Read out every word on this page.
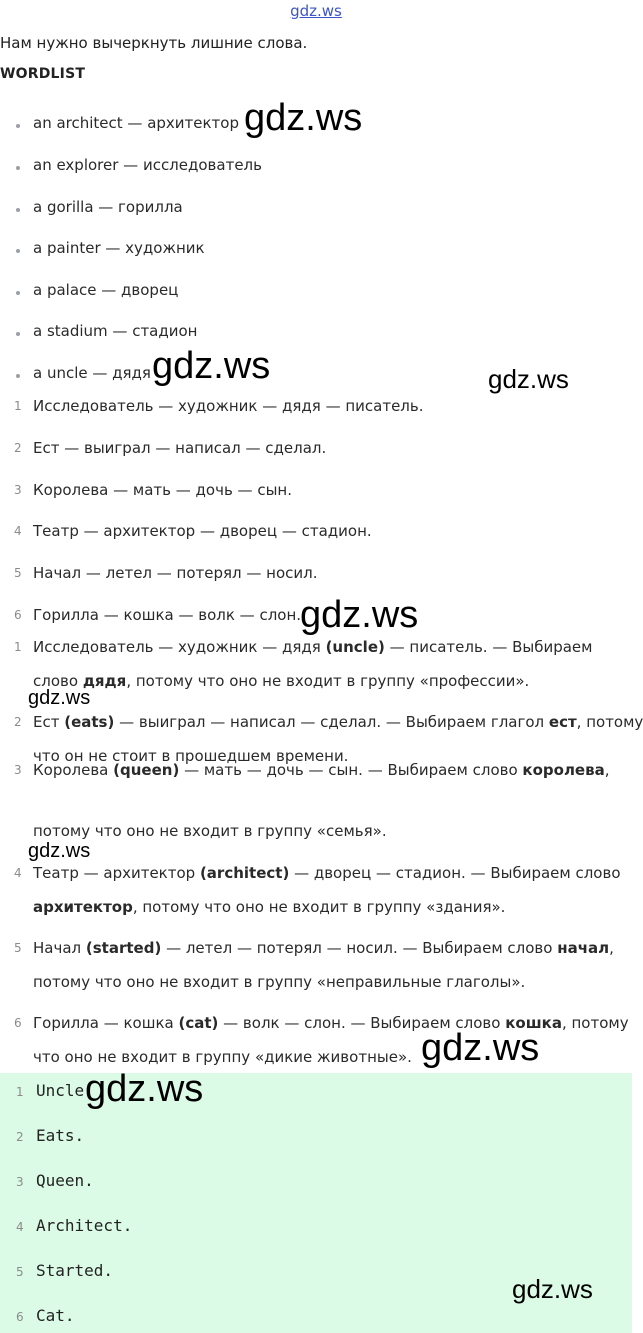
gdz.ws
Нам нужно вычеркнуть лишние слова.
WORDLIST
an architect — архитектор
an explorer — исследователь
a gorilla — горилла
a painter — художник
a palace — дворец
a stadium — стадион
a uncle — дядя
1 Исследователь — художник — дядя — писатель.
2 Ест — выиграл — написал — сделал.
3 Королева — мать — дочь — сын.
4 Театр — архитектор — дворец — стадион.
5 Начал — летел — потерял — носил.
6 Горилла — кошка — волк — слон.
1 Исследователь — художник — дядя (uncle) — писатель. — Выбираем
слово дядя, потому что оно не входит в группу «профессии».
2 Ест (eats) — выиграл — написал — сделал. — Выбираем глагол ест, потому
что он не стоит в прошедшем времени.
3 Королева (queen) — мать — дочь — сын. — Выбираем слово королева,
потому что оно не входит в группу «семья».
4 Театр — архитектор (architect) — дворец — стадион. — Выбираем слово
архитектор, потому что оно не входит в группу «здания».
5 Начал (started) — летел — потерял — носил. — Выбираем слово начал,
потому что оно не входит в группу «неправильные глаголы».
6 Горилла — кошка (cat) — волк — слон. — Выбираем слово кошка, потому
что оно не входит в группу «дикие животные».
1 Uncle.
2 Eats.
3 Queen.
4 Architect.
5 Started.
6 Cat.
gdz.ws
gdz.ws	gdz.ws
gdz.ws
gdz.ws
gdz.ws
gdz.ws
gdz.ws
gdz.ws
